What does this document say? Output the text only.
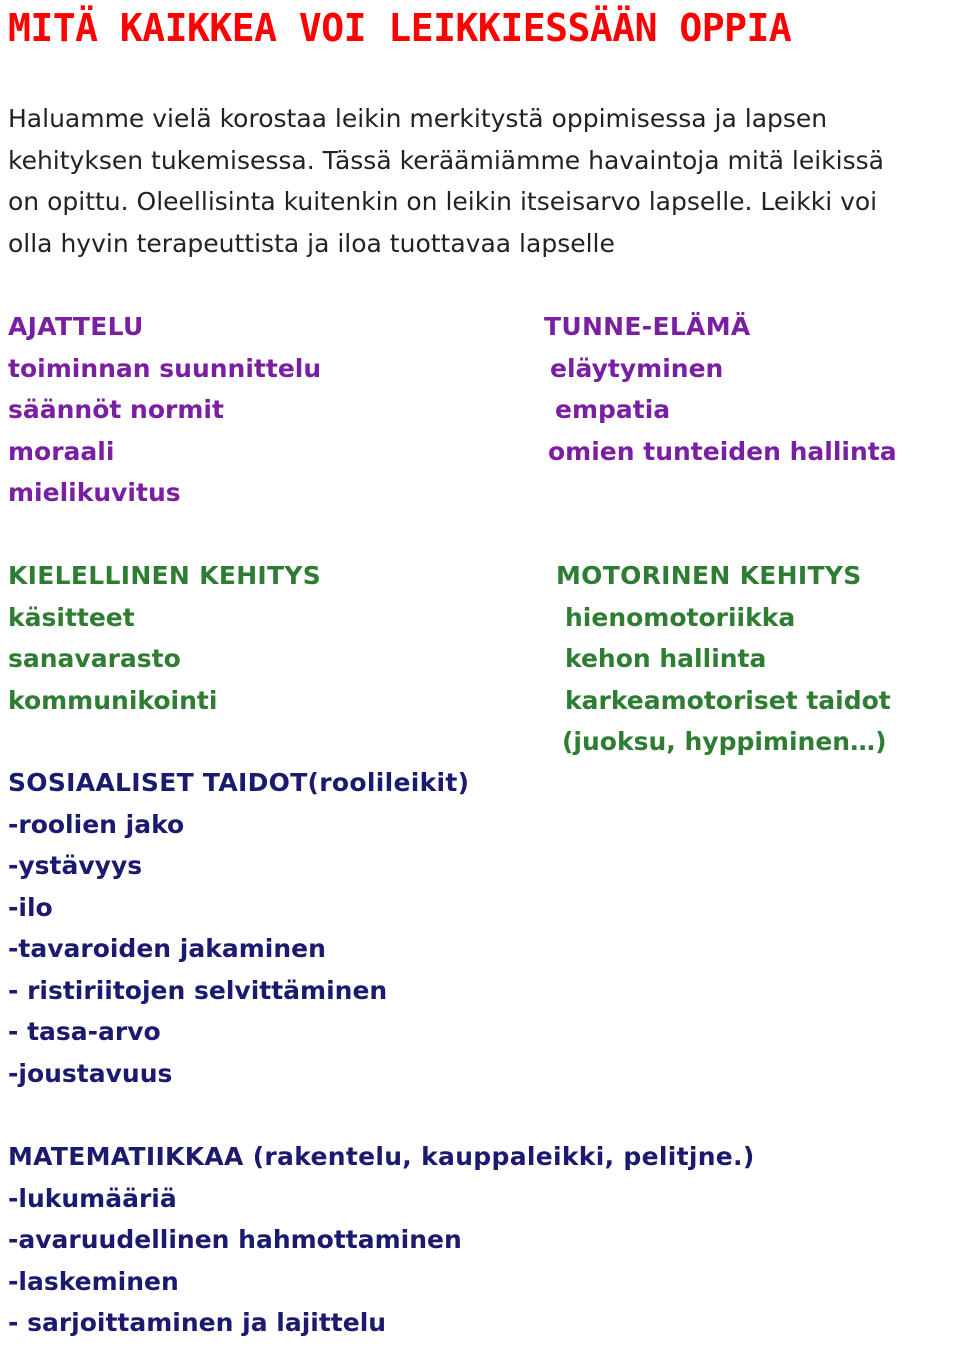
MITÄ KAIKKEA VOI LEIKKIESSÄÄN OPPIA

Haluamme vielä korostaa leikin merkitystä oppimisessa ja lapsen
kehityksen tukemisessa. Tässä keräämiämme havaintoja mitä leikissä
on opittu. Oleellisinta kuitenkin on leikin itseisarvo lapselle. Leikki voi
olla hyvin terapeuttista ja iloa tuottavaa lapselle

AJATTELU
toiminnan suunnittelu
säännöt normit
moraali
mielikuvitus
TUNNE-ELÄMÄ
eläytyminen
empatia
omien tunteiden hallinta
KIELELLINEN KEHITYS
käsitteet
sanavarasto
kommunikointi
MOTORINEN KEHITYS
hienomotoriikka
kehon hallinta
karkeamotoriset taidot
(juoksu, hyppiminen…)
SOSIAALISET TAIDOT(roolileikit)
-roolien jako
-ystävyys
-ilo
-tavaroiden jakaminen
- ristiriitojen selvittäminen
- tasa-arvo
-joustavuus
MATEMATIIKKAA (rakentelu, kauppaleikki, pelitjne.)
-lukumääriä
-avaruudellinen hahmottaminen
-laskeminen
- sarjoittaminen ja lajittelu
